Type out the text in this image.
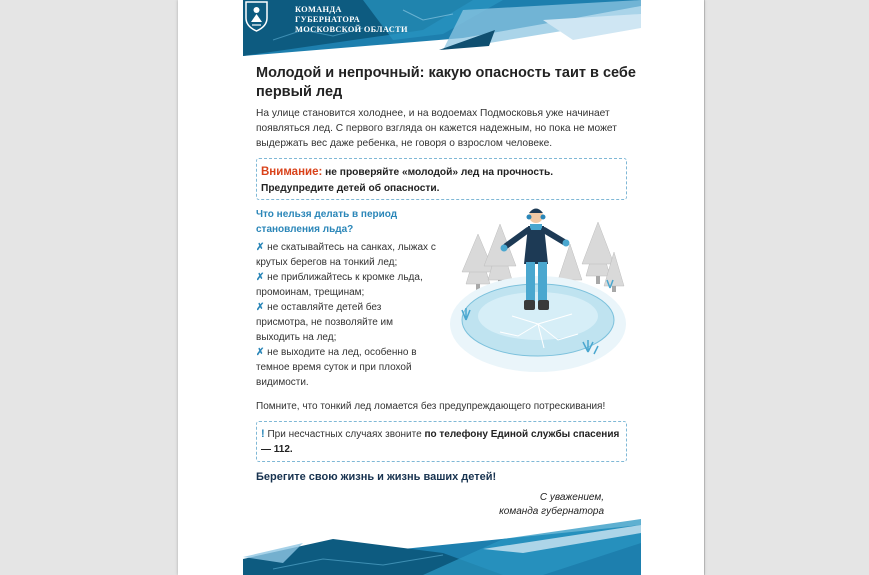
КОМАНДА
ГУБЕРНАТОРА
МОСКОВСКОЙ ОБЛАСТИ
Молодой и непрочный: какую опасность таит в себе первый лед
На улице становится холоднее, и на водоемах Подмосковья уже начинает появляться лед. С первого взгляда он кажется надежным, но пока не может выдержать вес даже ребенка, не говоря о взрослом человеке.
Внимание: не проверяйте «молодой» лед на прочность. Предупредите детей об опасности.
Что нельзя делать в период становления льда?
✗ не скатывайтесь на санках, лыжах с крутых берегов на тонкий лед;
✗ не приближайтесь к кромке льда, промоинам, трещинам;
✗ не оставляйте детей без присмотра, не позволяйте им выходить на лед;
✗ не выходите на лед, особенно в темное время суток и при плохой видимости.
Помните, что тонкий лед ломается без предупреждающего потрескивания!
! При несчастных случаях звоните по телефону Единой службы спасения — 112.
Берегите свою жизнь и жизнь ваших детей!
С уважением,
команда губернатора
